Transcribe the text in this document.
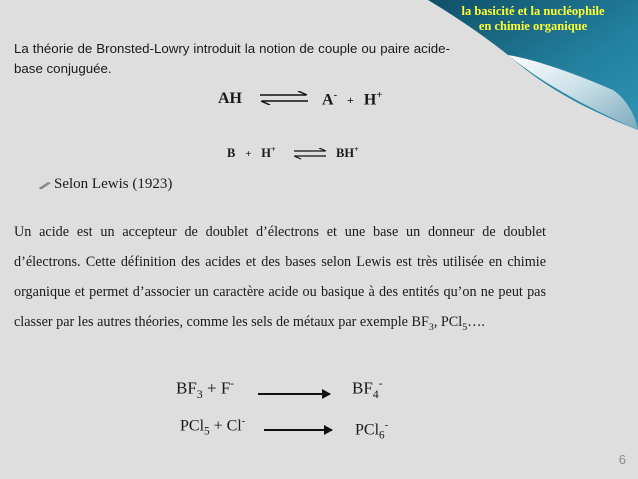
la basicité et la nucléophile
en chimie organique
La théorie de Bronsted-Lowry introduit la notion de couple ou paire acide-base conjuguée.
AH ⇌ A- + H+
B + H+ ⇌ BH+
Selon Lewis (1923)
Un acide est un accepteur de doublet d’électrons et une base un donneur de doublet d’électrons. Cette définition des acides et des bases selon Lewis est très utilisée en chimie organique et permet d’associer un caractère acide ou basique à des entités qu’on ne peut pas classer par les autres théories, comme les sels de métaux par exemple $BF_3$, PCl$_5$….
$BF_3 + F^-$	$BF_4^-$
PCl$_5$ + Cl-	PCl$_6$-
6
